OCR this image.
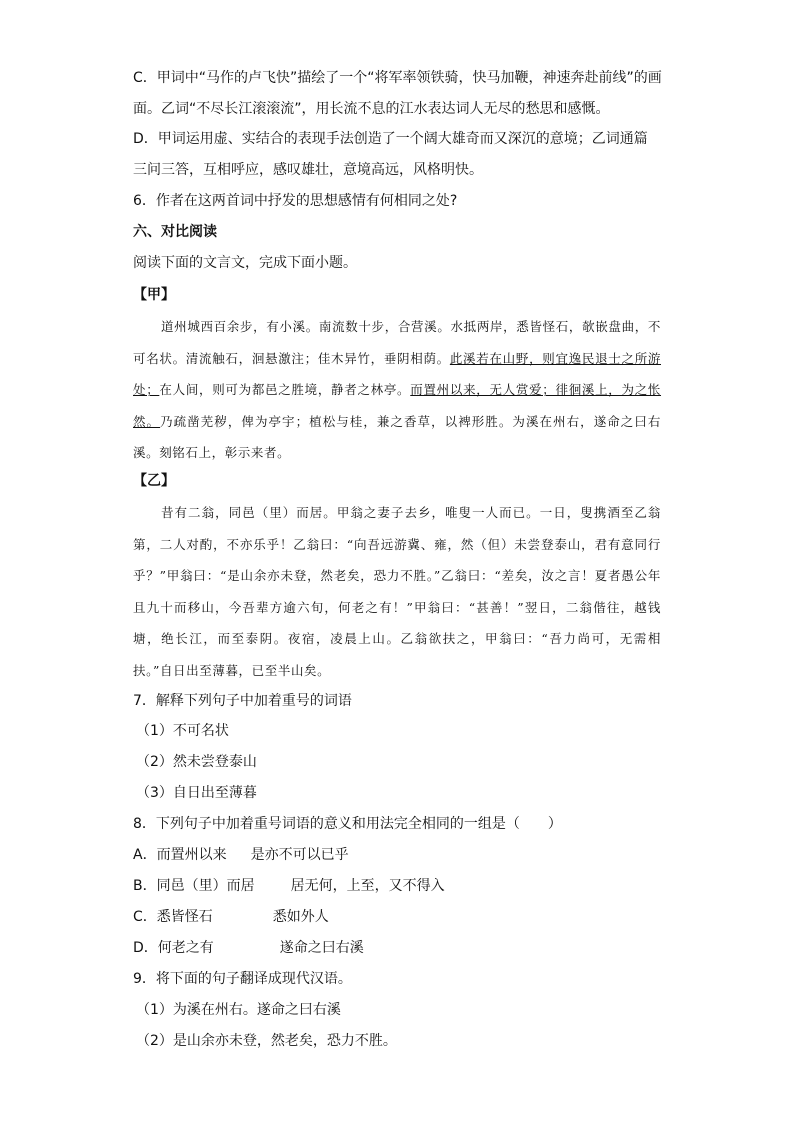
C．甲词中“马作的卢飞快”描绘了一个“将军率领铁骑，快马加鞭，神速奔赴前线”的画
面。乙词“不尽长江滚滚流”，用长流不息的江水表达词人无尽的愁思和感慨。
D．甲词运用虚、实结合的表现手法创造了一个阔大雄奇而又深沉的意境；乙词通篇
三问三答，互相呼应，感叹雄壮，意境高远，风格明快。
6．作者在这两首词中抒发的思想感情有何相同之处?
六、对比阅读
阅读下面的文言文，完成下面小题。
【甲】
道州城西百余步，有小溪。南流数十步，合营溪。水抵两岸，悉皆怪石，欹嵌盘曲，不可名状。清流触石，洄悬激注；佳木异竹，垂阴相荫。此溪若在山野，则宜逸民退士之所游处；在人间，则可为都邑之胜境，静者之林亭。而置州以来，无人赏爱；徘徊溪上，为之怅然。乃疏凿芜秽，俾为亭宇；植松与桂，兼之香草，以裨形胜。为溪在州右，遂命之曰右溪。刻铭石上，彰示来者。
【乙】
昔有二翁，同邑（里）而居。甲翁之妻子去乡，唯叟一人而已。一日，叟携酒至乙翁第，二人对酌，不亦乐乎！乙翁曰：“向吾远游冀、雍，然（但）未尝登泰山，君有意同行乎？”甲翁曰：“是山余亦未登，然老矣，恐力不胜。”乙翁曰：“差矣，汝之言！夏者愚公年且九十而移山，今吾辈方逾六旬，何老之有！”甲翁曰：“甚善！”翌日，二翁偕往，越钱塘，绝长江，而至泰阴。夜宿，凌晨上山。乙翁欲扶之，甲翁曰：“吾力尚可，无需相扶。”自日出至薄暮，已至半山矣。
7．解释下列句子中加着重号的词语
（1）不可名状
（2）然未尝登泰山
（3）自日出至薄暮
8．下列句子中加着重号词语的意义和用法完全相同的一组是（　　）
A．而置州以来 是亦不可以已乎
B．同邑（里）而居	居无何，上至，又不得入
C．悉皆怪石	悉如外人
D．何老之有	遂命之曰右溪
9．将下面的句子翻译成现代汉语。
（1）为溪在州右。遂命之曰右溪
（2）是山余亦未登，然老矣，恐力不胜。
